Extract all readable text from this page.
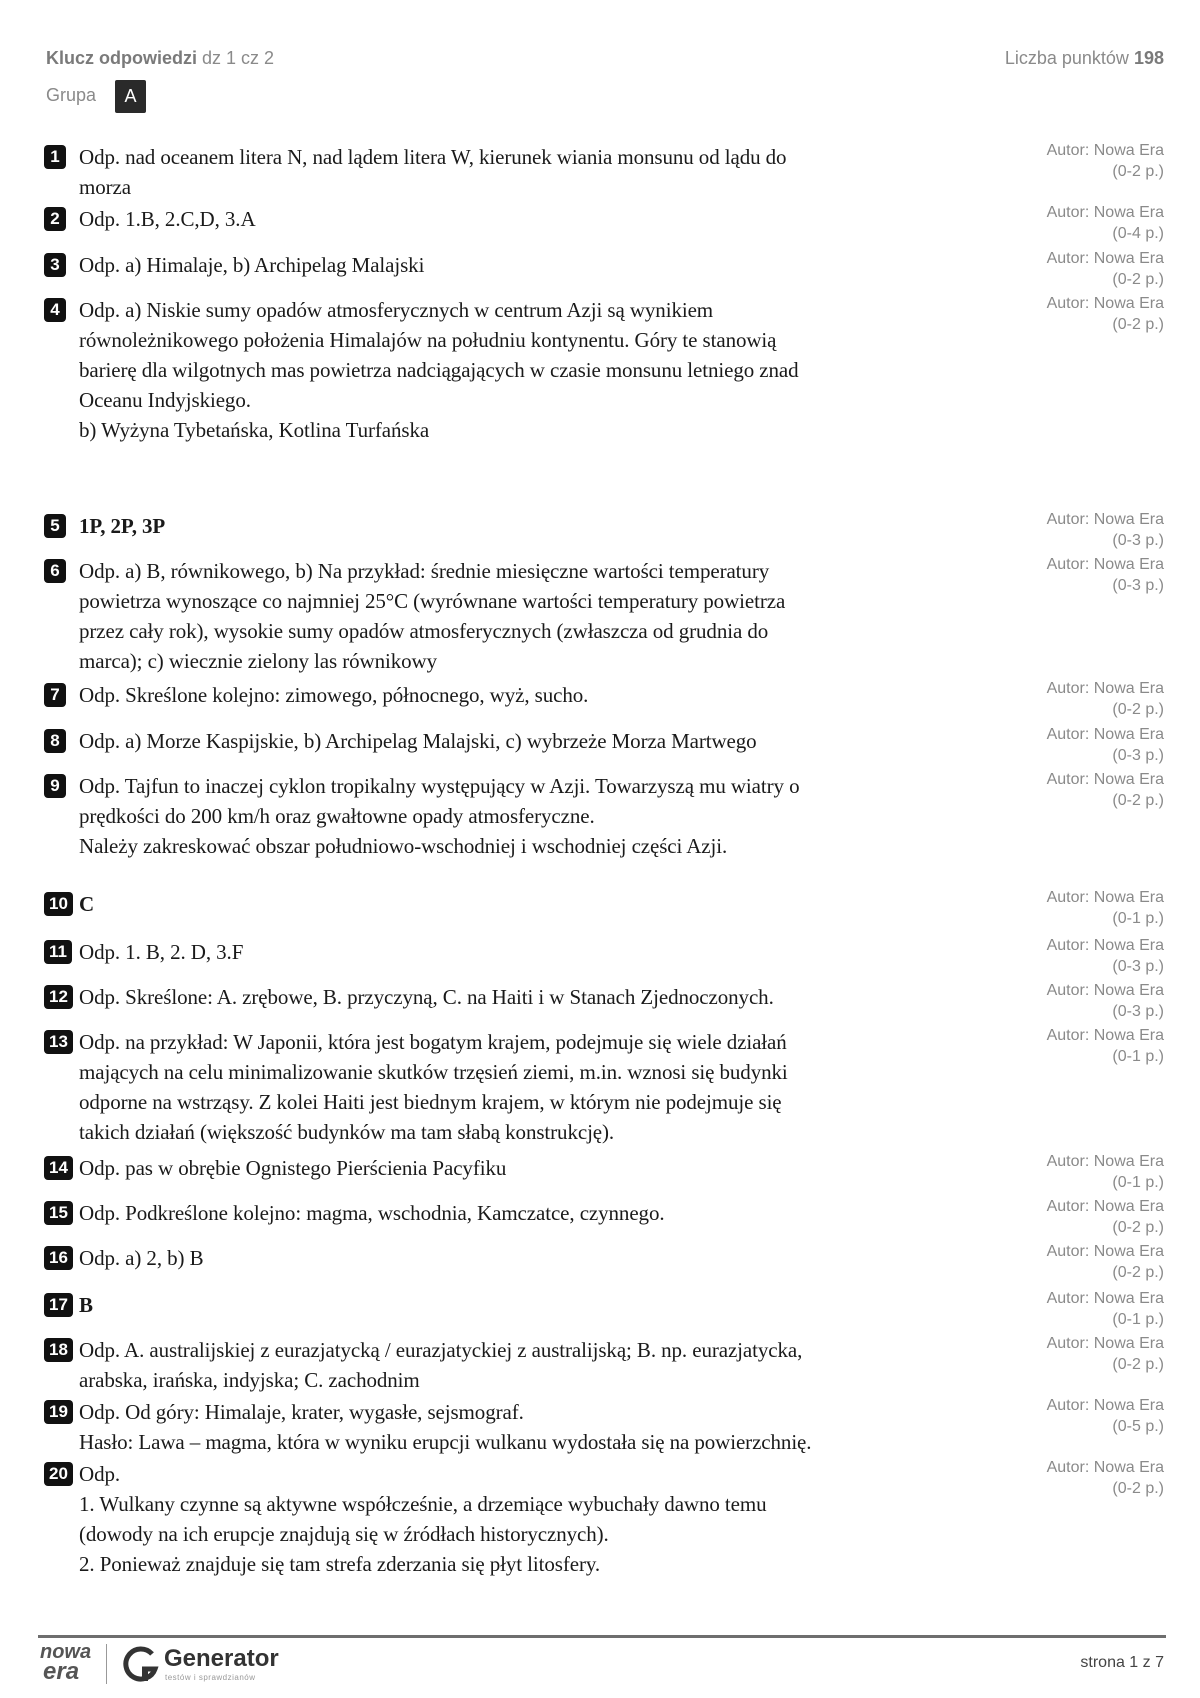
Klucz odpowiedzi dz 1 cz 2	Liczba punktów 198
Grupa	A
1 Odp. nad oceanem litera N, nad lądem litera W, kierunek wiania monsunu od lądu do
morza
Autor: Nowa Era
(0-2 p.)
2 Odp. 1.B, 2.C,D, 3.A	Autor: Nowa Era
(0-4 p.)
3 Odp. a) Himalaje, b) Archipelag Malajski	Autor: Nowa Era
(0-2 p.)
4 Odp. a) Niskie sumy opadów atmosferycznych w centrum Azji są wynikiem
równoleżnikowego położenia Himalajów na południu kontynentu. Góry te stanowią
barierę dla wilgotnych mas powietrza nadciągających w czasie monsunu letniego znad
Oceanu Indyjskiego.
b) Wyżyna Tybetańska, Kotlina Turfańska
Autor: Nowa Era
(0-2 p.)
5 1P, 2P, 3P	Autor: Nowa Era
(0-3 p.)
6 Odp. a) B, równikowego, b) Na przykład: średnie miesięczne wartości temperatury
powietrza wynoszące co najmniej 25°C (wyrównane wartości temperatury powietrza
przez cały rok), wysokie sumy opadów atmosferycznych (zwłaszcza od grudnia do
marca); c) wiecznie zielony las równikowy
Autor: Nowa Era
(0-3 p.)
7 Odp. Skreślone kolejno: zimowego, północnego, wyż, sucho.	Autor: Nowa Era
(0-2 p.)
8 Odp. a) Morze Kaspijskie, b) Archipelag Malajski, c) wybrzeże Morza Martwego	Autor: Nowa Era
(0-3 p.)
9 Odp. Tajfun to inaczej cyklon tropikalny występujący w Azji. Towarzyszą mu wiatry o
prędkości do 200 km/h oraz gwałtowne opady atmosferyczne.
Należy zakreskować obszar południowo-wschodniej i wschodniej części Azji.
Autor: Nowa Era
(0-2 p.)
10 C	Autor: Nowa Era
(0-1 p.)
11 Odp. 1. B, 2. D, 3.F	Autor: Nowa Era
(0-3 p.)
12 Odp. Skreślone: A. zrębowe, B. przyczyną, C. na Haiti i w Stanach Zjednoczonych.	Autor: Nowa Era
(0-3 p.)
13 Odp. na przykład: W Japonii, która jest bogatym krajem, podejmuje się wiele działań
mających na celu minimalizowanie skutków trzęsień ziemi, m.in. wznosi się budynki
odporne na wstrząsy. Z kolei Haiti jest biednym krajem, w którym nie podejmuje się
takich działań (większość budynków ma tam słabą konstrukcję).
Autor: Nowa Era
(0-1 p.)
14 Odp. pas w obrębie Ognistego Pierścienia Pacyfiku	Autor: Nowa Era
(0-1 p.)
15 Odp. Podkreślone kolejno: magma, wschodnia, Kamczatce, czynnego.	Autor: Nowa Era
(0-2 p.)
16 Odp. a) 2, b) B	Autor: Nowa Era
(0-2 p.)
17 B	Autor: Nowa Era
(0-1 p.)
18 Odp. A. australijskiej z eurazjatycką / eurazjatyckiej z australijską; B. np. eurazjatycka,
arabska, irańska, indyjska; C. zachodnim
Autor: Nowa Era
(0-2 p.)
19 Odp. Od góry: Himalaje, krater, wygasłe, sejsmograf.
Hasło: Lawa – magma, która w wyniku erupcji wulkanu wydostała się na powierzchnię.
Autor: Nowa Era
(0-5 p.)
20 Odp.
1. Wulkany czynne są aktywne współcześnie, a drzemiące wybuchały dawno temu
(dowody na ich erupcje znajdują się w źródłach historycznych).
2. Ponieważ znajduje się tam strefa zderzania się płyt litosfery.
Autor: Nowa Era
(0-2 p.)
nowa
era	Generator
testów i sprawdzianów
strona 1 z 7
